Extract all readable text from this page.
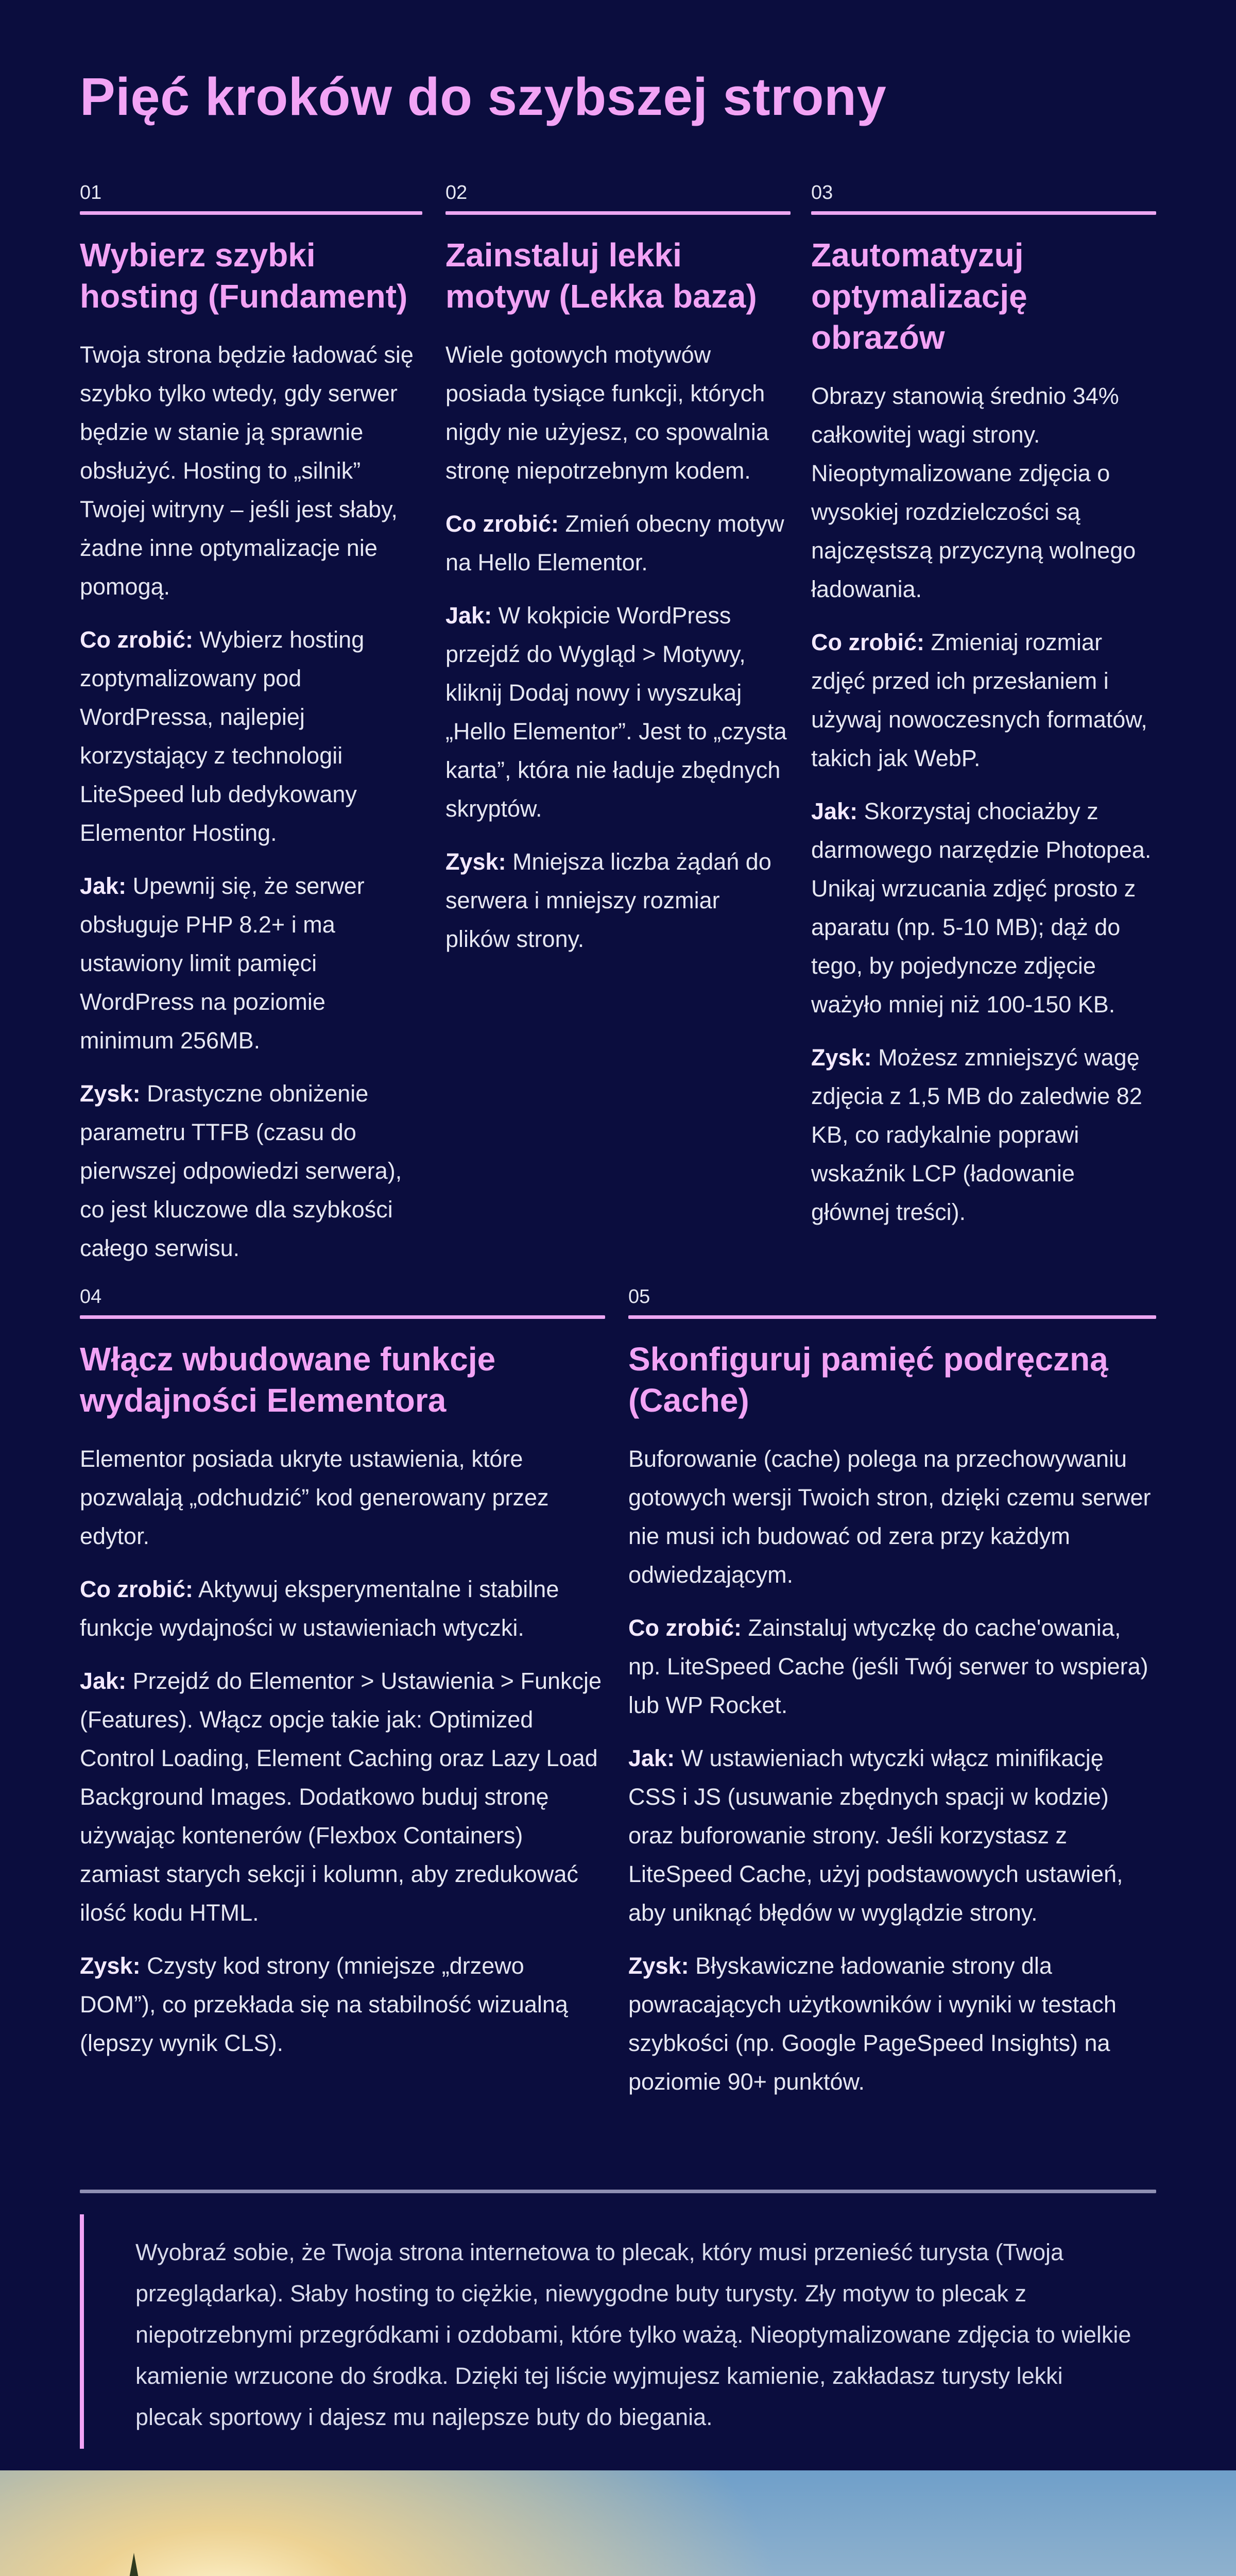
Pięć kroków do szybszej strony
01
Wybierz szybki hosting (Fundament)

Twoja strona będzie ładować się szybko tylko wtedy, gdy serwer będzie w stanie ją sprawnie obsłużyć. Hosting to „silnik” Twojej witryny – jeśli jest słaby, żadne inne optymalizacje nie pomogą.

Co zrobić: Wybierz hosting zoptymalizowany pod WordPressa, najlepiej korzystający z technologii LiteSpeed lub dedykowany Elementor Hosting.

Jak: Upewnij się, że serwer obsługuje PHP 8.2+ i ma ustawiony limit pamięci WordPress na poziomie minimum 256MB.

Zysk: Drastyczne obniżenie parametru TTFB (czasu do pierwszej odpowiedzi serwera), co jest kluczowe dla szybkości całego serwisu.

02
Zainstaluj lekki motyw (Lekka baza)

Wiele gotowych motywów posiada tysiące funkcji, których nigdy nie użyjesz, co spowalnia stronę niepotrzebnym kodem.

Co zrobić: Zmień obecny motyw na Hello Elementor.

Jak: W kokpicie WordPress przejdź do Wygląd > Motywy, kliknij Dodaj nowy i wyszukaj „Hello Elementor”. Jest to „czysta karta”, która nie ładuje zbędnych skryptów.

Zysk: Mniejsza liczba żądań do serwera i mniejszy rozmiar plików strony.

03
Zautomatyzuj optymalizację obrazów

Obrazy stanowią średnio 34% całkowitej wagi strony. Nieoptymalizowane zdjęcia o wysokiej rozdzielczości są najczęstszą przyczyną wolnego ładowania.

Co zrobić: Zmieniaj rozmiar zdjęć przed ich przesłaniem i używaj nowoczesnych formatów, takich jak WebP.

Jak: Skorzystaj chociażby z darmowego narzędzie Photopea. Unikaj wrzucania zdjęć prosto z aparatu (np. 5-10 MB); dąż do tego, by pojedyncze zdjęcie ważyło mniej niż 100-150 KB.

Zysk: Możesz zmniejszyć wagę zdjęcia z 1,5 MB do zaledwie 82 KB, co radykalnie poprawi wskaźnik LCP (ładowanie głównej treści).

04
Włącz wbudowane funkcje wydajności Elementora

Elementor posiada ukryte ustawienia, które pozwalają „odchudzić” kod generowany przez edytor.

Co zrobić: Aktywuj eksperymentalne i stabilne funkcje wydajności w ustawieniach wtyczki.

Jak: Przejdź do Elementor > Ustawienia > Funkcje (Features). Włącz opcje takie jak: Optimized Control Loading, Element Caching oraz Lazy Load Background Images. Dodatkowo buduj stronę używając kontenerów (Flexbox Containers) zamiast starych sekcji i kolumn, aby zredukować ilość kodu HTML.

Zysk: Czysty kod strony (mniejsze „drzewo DOM”), co przekłada się na stabilność wizualną (lepszy wynik CLS).

05
Skonfiguruj pamięć podręczną (Cache)

Buforowanie (cache) polega na przechowywaniu gotowych wersji Twoich stron, dzięki czemu serwer nie musi ich budować od zera przy każdym odwiedzającym.

Co zrobić: Zainstaluj wtyczkę do cache'owania, np. LiteSpeed Cache (jeśli Twój serwer to wspiera) lub WP Rocket.

Jak: W ustawieniach wtyczki włącz minifikację CSS i JS (usuwanie zbędnych spacji w kodzie) oraz buforowanie strony. Jeśli korzystasz z LiteSpeed Cache, użyj podstawowych ustawień, aby uniknąć błędów w wyglądzie strony.

Zysk: Błyskawiczne ładowanie strony dla powracających użytkowników i wyniki w testach szybkości (np. Google PageSpeed Insights) na poziomie 90+ punktów.

Wyobraź sobie, że Twoja strona internetowa to plecak, który musi przenieść turysta (Twoja przeglądarka). Słaby hosting to ciężkie, niewygodne buty turysty. Zły motyw to plecak z niepotrzebnymi przegródkami i ozdobami, które tylko ważą. Nieoptymalizowane zdjęcia to wielkie kamienie wrzucone do środka. Dzięki tej liście wyjmujesz kamienie, zakładasz turysty lekki plecak sportowy i dajesz mu najlepsze buty do biegania.
